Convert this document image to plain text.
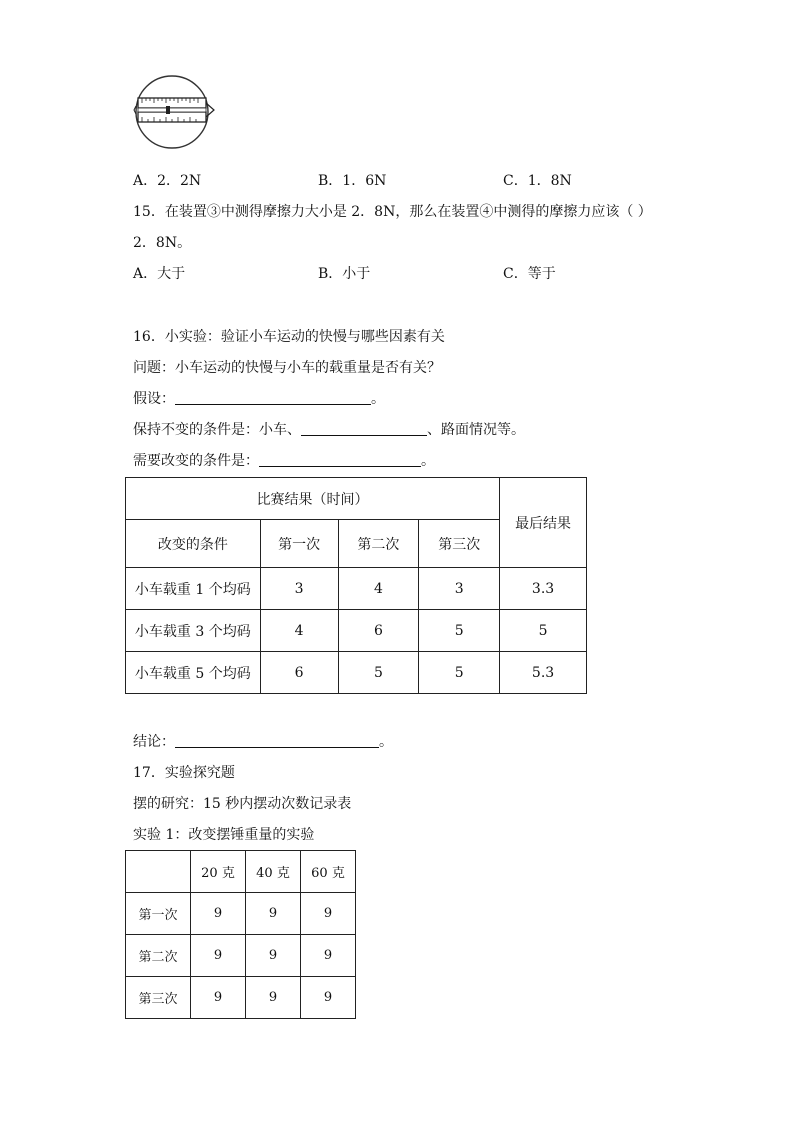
A．2．2N	B．1．6N	C．1．8N
15．在装置③中测得摩擦力大小是 2．8N，那么在装置④中测得的摩擦力应该（ ）
2．8N。
A．大于	B．小于	C．等于
16．小实验：验证小车运动的快慢与哪些因素有关
问题：小车运动的快慢与小车的载重量是否有关？
假设：	。
保持不变的条件是：小车、	、路面情况等。
需要改变的条件是：	。
比赛结果（时间）				最后结果
改变的条件	第一次	第二次	第三次	
小车载重 1 个均码	3	4	3	3.3
小车载重 3 个均码	4	6	5	5
小车载重 5 个均码	6	5	5	5.3
结论：	。
17．实验探究题
摆的研究：15 秒内摆动次数记录表
实验 1：改变摆锤重量的实验
	20 克	40 克	60 克
第一次	9	9	9
第二次	9	9	9
第三次	9	9	9
